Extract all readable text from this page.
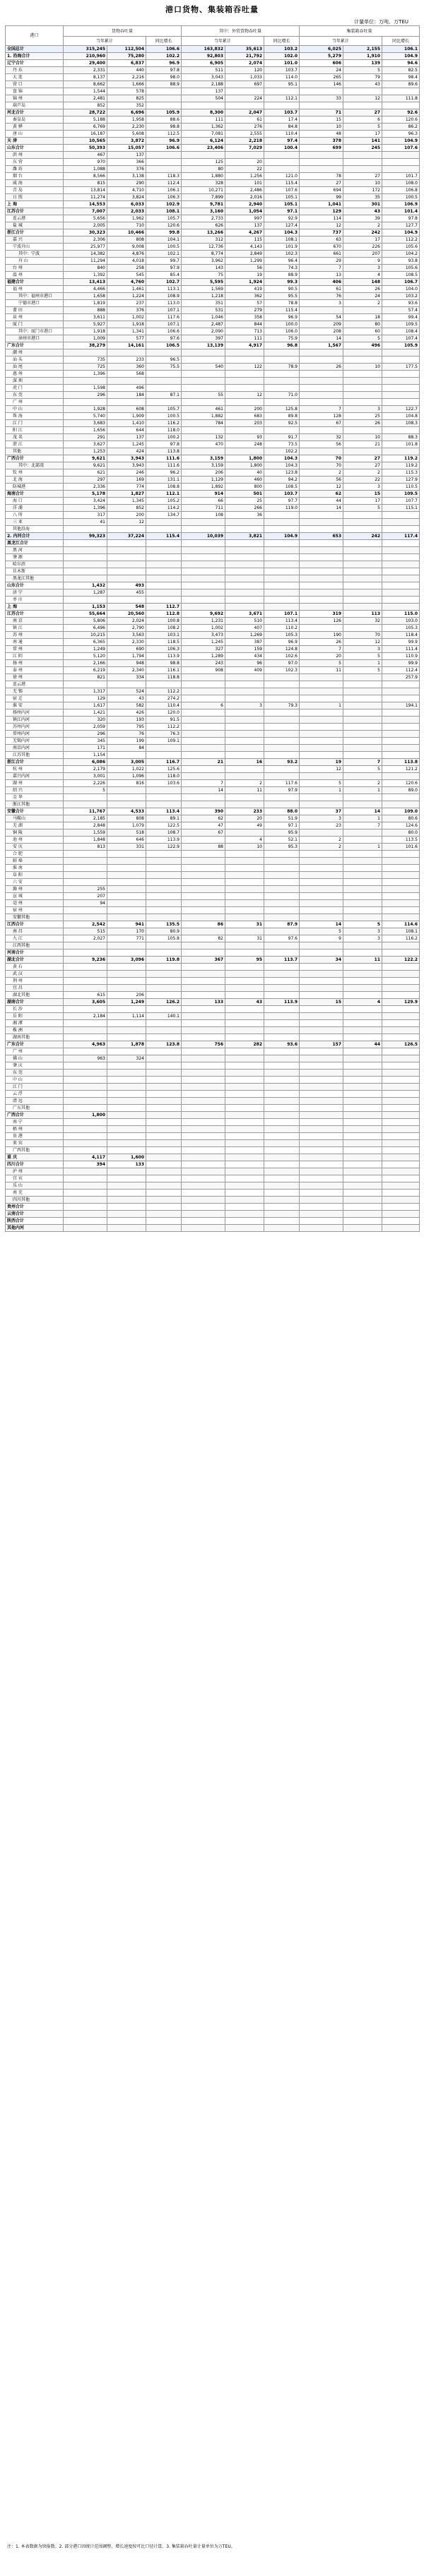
港口货物、集装箱吞吐量
计量单位：万吨、万TEU
港口	货物吞吐量			其中：外贸货物吞吐量			集装箱吞吐量		
	当年累计		同比增长	当年累计		同比增长	当年累计		同比增长
全国总计	315,245	112,504	106.6	163,832	35,613	103.2	6,025	2,155	106.1
1. 沿海合计	210,960	75,280	102.2	92,803	21,792	102.0	5,279	1,910	104.9
辽宁合计	29,400	6,837	96.9	6,905	2,074	101.0	606	139	94.6
丹 东	2,331	440	97.8	511	120	103.7	24	5	82.5
大 连	8,137	2,216	98.0	3,043	1,033	114.0	265	79	98.4
营 口	8,662	1,666	88.9	2,188	697	95.1	146	43	89.6
盘 锦	1,544	578		137					
锦 州	2,481	825		504	224	112.1	33	12	111.8
葫芦岛	852	352							
河北合计	28,722	6,696	105.9	8,300	2,047	103.7	71	27	92.6
秦皇岛	5,188	1,958	88.6	111	61	17.4	15	6	120.6
黄 骅	6,769	2,230	98.8	1,362	276	84.8	10	5	86.2
唐 山	16,187	5,608	112.5	7,081	2,555	110.4	48	17	96.3
天 津	10,565	3,872	96.9	6,124	2,218	97.4	378	141	104.9
山东合计	50,393	15,057	106.6	23,406	7,029	100.4	699	245	107.6
滨 州	467	137							
东 营	970	366		125	20				
潍 坊	1,088	376		80	22				
烟 台	8,566	3,138	118.3	1,880	1,256	121.0	78	27	101.7
威 海	815	290	112.4	328	101	115.4	27	10	108.0
青 岛	13,814	4,710	106.1	10,271	2,486	107.6	694	172	106.8
日 照	11,274	3,824	106.3	7,899	2,016	105.1	99	35	100.5
上 海	14,553	6,033	102.9	9,781	2,940	105.1	1,041	301	106.9
江苏合计	7,007	2,033	108.1	3,160	1,054	97.1	129	43	101.4
连云港	5,656	1,962	105.7	2,733	997	92.9	114	39	97.8
盐 城	2,005	710	120.6	626	137	127.4	12	2	127.7
浙江合计	30,323	10,466	99.8	13,266	4,267	104.3	737	242	104.9
嘉 兴	2,306	808	104.1	312	115	108.1	63	17	112.2
宁波舟山	25,977	9,008	100.5	12,736	4,143	101.9	670	226	105.6
其中：宁波	14,382	4,876	102.1	8,774	2,849	102.3	661	207	104.2
舟 山	11,294	4,018	99.7	3,962	1,299	96.4	29	9	93.8
台 州	840	258	97.9	143	56	74.3	7	3	105.6
温 州	1,392	545	85.4	75	19	88.9	13	4	108.5
福建合计	13,413	4,760	102.7	5,595	1,924	99.3	406	148	106.7
福 州	4,466	1,461	113.1	1,569	419	90.5	61	26	104.0
其中：福州市港口	1,658	1,224	108.9	1,218	362	95.5	76	24	103.2
宁德市港口	1,819	237	113.0	351	57	78.8	3	2	93.6
莆 田	888	376	107.1	531	279	115.4			57.4
泉 州	3,611	1,002	117.6	1,046	358	96.9	54	18	99.4
厦 门	5,927	1,918	107.1	2,487	844	100.0	209	80	109.5
其中：厦门市港口	1,918	1,341	106.6	2,090	713	106.0	208	60	108.4
漳州市港口	1,009	577	97.6	397	111	75.9	14	5	107.4
广东合计	38,279	14,161	106.5	13,139	4,917	96.8	1,567	496	105.9
潮 州									
汕 头	735	233	96.5						
汕 尾	725	360	75.5	540	122	78.9	26	10	177.5
惠 州	1,396	568							
深 圳									
虎 门	1,598	496							
东 莞	296	184	87.1	55	12	71.0			
广 州									
中 山	1,928	608	105.7	461	200	125.8	7	3	122.7
珠 海	5,740	1,909	100.5	1,882	683	89.8	128	25	104.8
江 门	3,683	1,410	116.2	784	203	92.5	67	26	108.3
阳 江	1,656	644	118.0						
茂 名	291	137	100.2	132	93	91.7	32	10	88.3
湛 江	3,627	1,245	97.8	470	248	73.5	56	21	101.8
其他	1,253	424	113.8			102.2			
广西合计	9,621	3,943	111.6	3,159	1,800	104.3	70	27	119.2
其中：北部湾	9,621	3,943	111.6	3,159	1,800	104.3	70	27	119.2
钦 州	621	246	96.2	206	40	123.8	2	2	115.3
北 海	297	169	131.1	1,129	460	94.2	56	22	127.9
防城港	2,336	774	108.8	1,892	800	108.5	12	3	110.5
海南合计	5,178	1,827	112.1	914	501	103.7	62	15	109.5
海 口	3,424	1,345	105.2	66	25	97.7	44	17	107.7
洋 浦	1,396	852	114.2	711	266	119.0	14	5	115.1
八 所	317	200	134.7	108	36				
三 亚	41	12							
其他沿海									
2. 内河合计	99,323	37,224	115.4	10,039	3,821	104.9	653	242	117.4
黑龙江合计									
黑 河									
肇 源									
哈尔滨									
佳木斯									
黑龙江其他									
山东合计	1,432	493							
济 宁	1,287	455							
枣 庄									
上 海	1,153	548	112.7						
江苏合计	55,664	20,560	112.8	9,692	3,671	107.1	319	113	115.0
南 京	5,806	2,024	100.8	1,231	510	113.4	126	32	103.0
镇 江	6,496	2,790	108.2	1,002	407	110.2			105.3
苏 州	10,215	3,563	103.1	3,473	1,269	105.3	190	70	118.4
南 通	6,365	2,330	118.5	1,245	387	96.9	26	12	99.9
常 州	1,249	690	106.3	327	159	124.8	7	3	111.4
江 阴	5,120	1,794	113.9	1,289	434	102.6	20	5	110.9
扬 州	2,166	948	98.8	243	96	97.0	5	1	99.9
泰 州	6,219	2,340	116.1	908	409	102.3	11	5	112.4
徐 州	821	334	118.8						257.9
连云港									
无 锡	1,317	524	112.2						
宿 迁	129	43	274.2						
淮 安	1,617	582	110.4	6	3	79.3	1		194.1
扬州内河	1,421	426	120.0						
镇江内河	320	193	91.5						
苏州内河	2,059	795	112.2						
常州内河	296	76	76.3						
无锡内河	345	199	109.1						
南京内河	171	84							
江苏其他	1,154								
浙江合计	6,086	3,005	116.7	21	16	93.2	19	7	113.8
杭 州	2,179	1,022	125.6				12	5	121.2
嘉兴内河	3,001	1,096	118.0						
湖 州	2,226	816	103.6	7	2	117.6	5	2	120.6
绍 兴	5			14	11	97.9	1	1	89.0
金 华									
浙江其他									
安徽合计	11,767	4,533	113.4	390	233	88.0	37	14	109.0
马鞍山	2,185	808	89.1	62	20	51.9	3	1	80.6
芜 湖	2,848	1,079	122.5	47	49	97.1	23	7	124.6
铜 陵	1,559	518	108.7	67		95.9			80.0
池 州	1,848	646	113.9		4	52.1	2		113.5
安 庆	813	331	122.9	88	10	95.3	2	1	101.6
合 肥									
蚌 埠									
淮 南									
阜 阳									
六 安									
滁 州	255								
宣 城	207								
亳 州	94								
宿 州									
安徽其他									
江西合计	2,542	941	135.5	86	31	87.9	14	5	114.6
南 昌	515	170	80.9				5	3	108.1
九 江	2,027	771	105.8	82	31	97.6	9	3	116.2
江西其他									
河南合计									
湖北合计	9,236	3,096	119.8	367	95	113.7	34	11	122.2
黄 石									
武 汉									
荆 州									
宜 昌									
湖北其他	615	206							
湖南合计	3,605	1,249	126.2	133	43	113.9	15	4	129.9
长 沙									
岳 阳	2,184	1,114	140.1						
湘 潭									
株 洲									
湖南其他									
广东合计	4,963	1,878	123.8	756	282	93.6	157	44	126.5
广 州									
佛 山	963	324							
肇 庆									
东 莞									
中 山									
江 门									
云 浮									
清 远									
广东其他									
广西合计	1,800								
南 宁									
梧 州									
贵 港									
来 宾									
广西其他									
重 庆	4,117	1,600							
四川合计	394	133							
泸 州									
宜 宾									
乐 山									
南 充									
四川其他									
贵州合计									
云南合计									
陕西合计									
其他内河									
注：1. 本表数据为快报数。2. 部分港口因统计范围调整，增长速度按可比口径计算。3. 集装箱吞吐量计量单位为万TEU。
